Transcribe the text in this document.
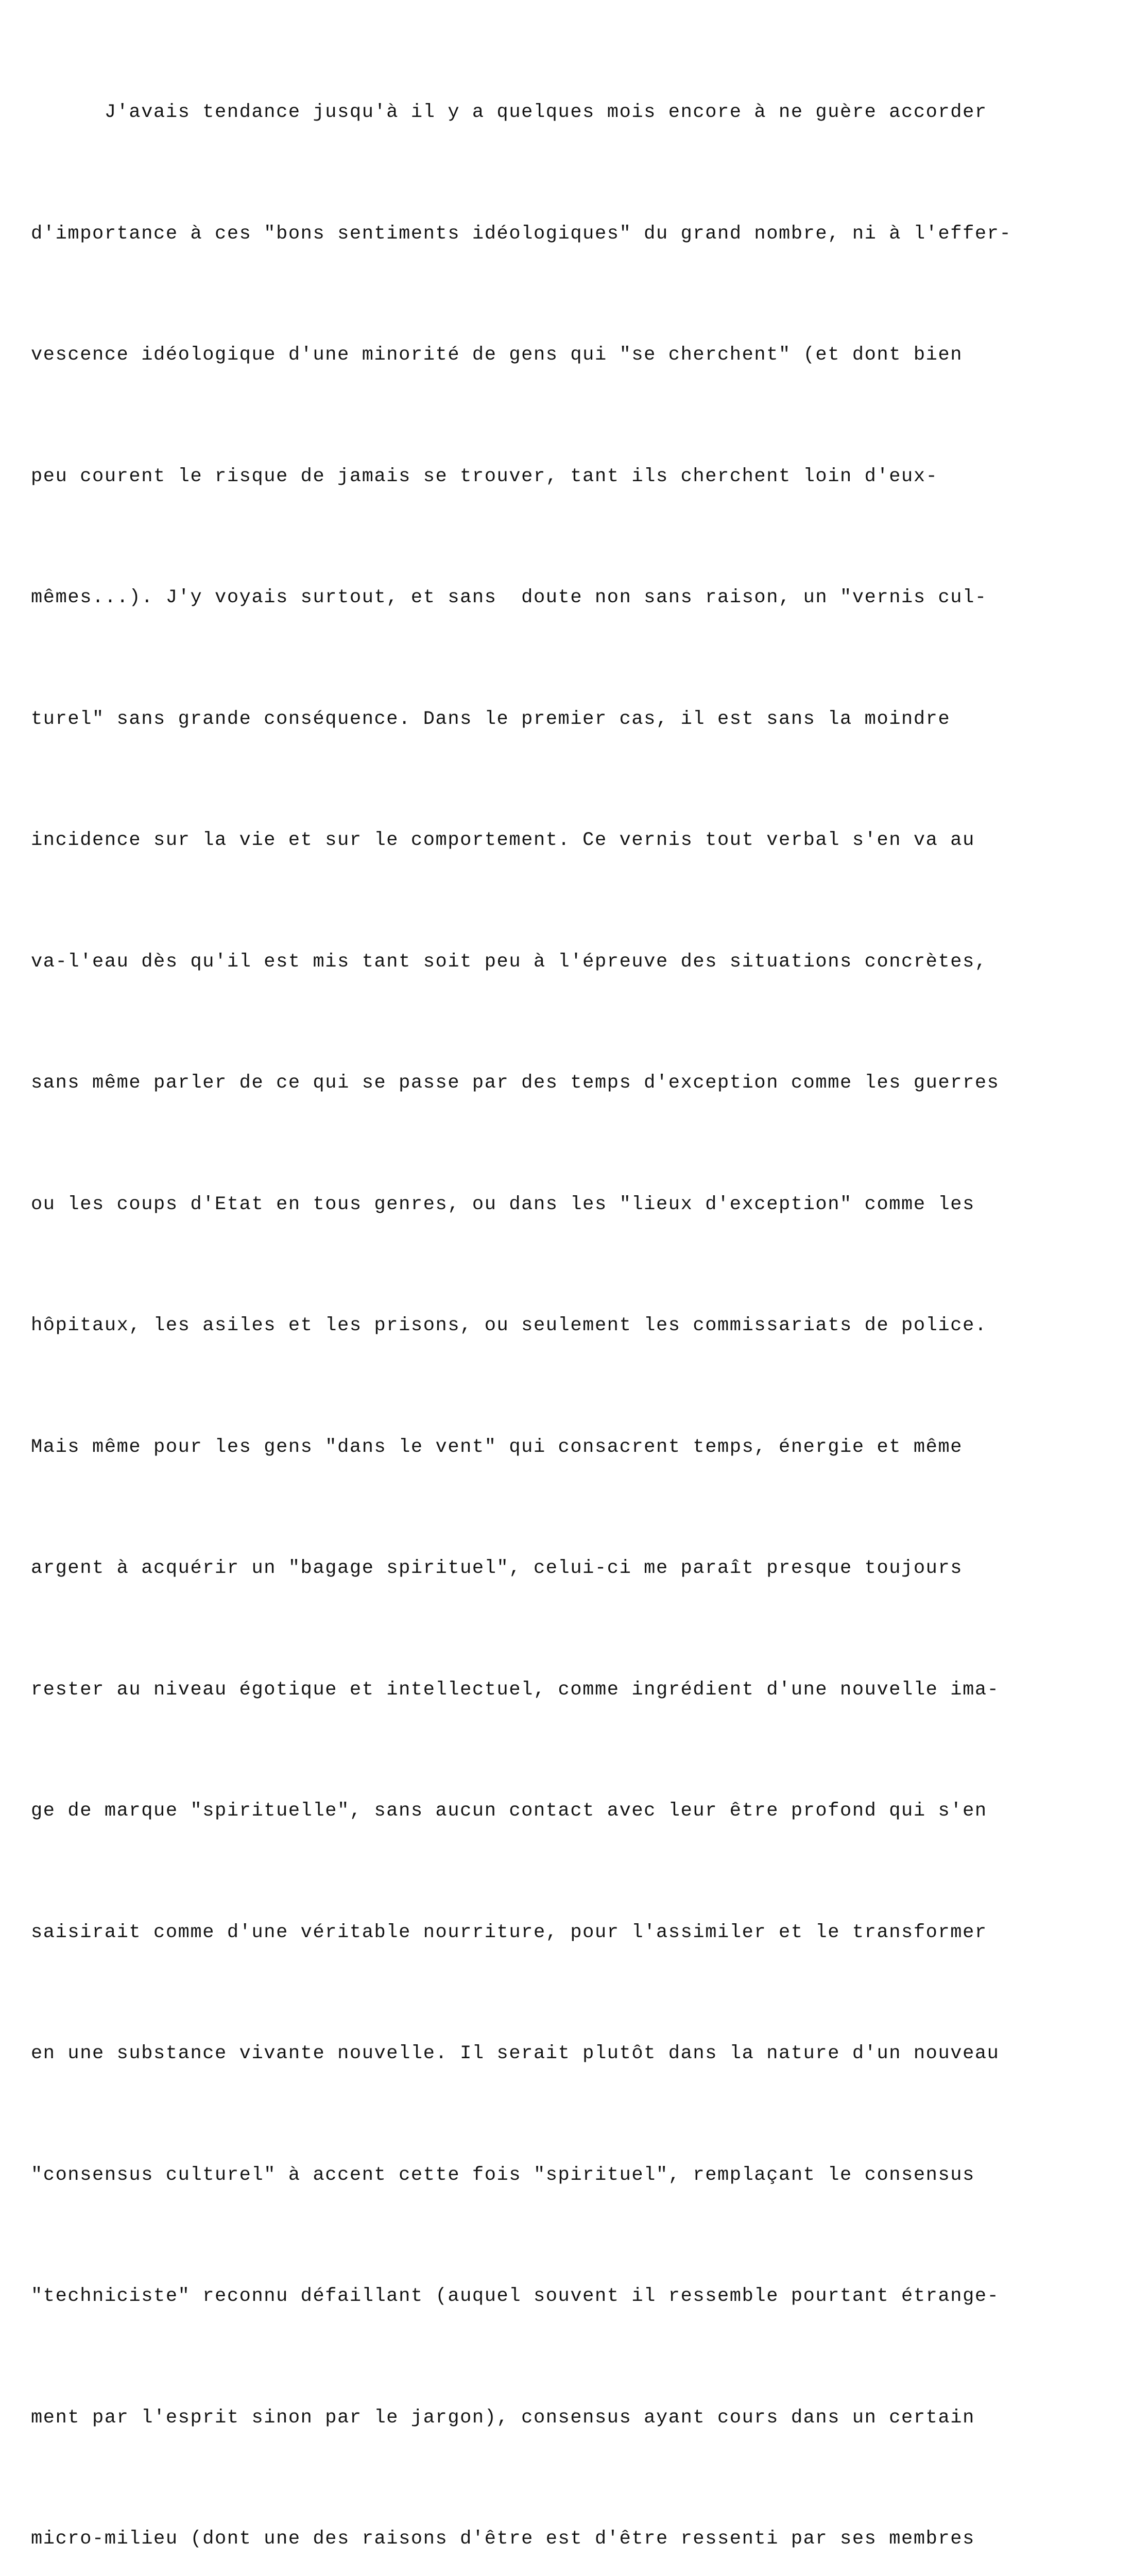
J'avais tendance jusqu'à il y a quelques mois encore à ne guère accorder

d'importance à ces "bons sentiments idéologiques" du grand nombre, ni à l'effer-

vescence idéologique d'une minorité de gens qui "se cherchent" (et dont bien

peu courent le risque de jamais se trouver, tant ils cherchent loin d'eux-

mêmes...). J'y voyais surtout, et sans  doute non sans raison, un "vernis cul-

turel" sans grande conséquence. Dans le premier cas, il est sans la moindre

incidence sur la vie et sur le comportement. Ce vernis tout verbal s'en va au

va-l'eau dès qu'il est mis tant soit peu à l'épreuve des situations concrètes,

sans même parler de ce qui se passe par des temps d'exception comme les guerres

ou les coups d'Etat en tous genres, ou dans les "lieux d'exception" comme les

hôpitaux, les asiles et les prisons, ou seulement les commissariats de police.

Mais même pour les gens "dans le vent" qui consacrent temps, énergie et même

argent à acquérir un "bagage spirituel", celui-ci me paraît presque toujours

rester au niveau égotique et intellectuel, comme ingrédient d'une nouvelle ima-

ge de marque "spirituelle", sans aucun contact avec leur être profond qui s'en

saisirait comme d'une véritable nourriture, pour l'assimiler et le transformer

en une substance vivante nouvelle. Il serait plutôt dans la nature d'un nouveau

"consensus culturel" à accent cette fois "spirituel", remplaçant le consensus

"techniciste" reconnu défaillant (auquel souvent il ressemble pourtant étrange-

ment par l'esprit sinon par le jargon), consensus ayant cours dans un certain

micro-milieu (dont une des raisons d'être est d'être ressenti par ses membres
